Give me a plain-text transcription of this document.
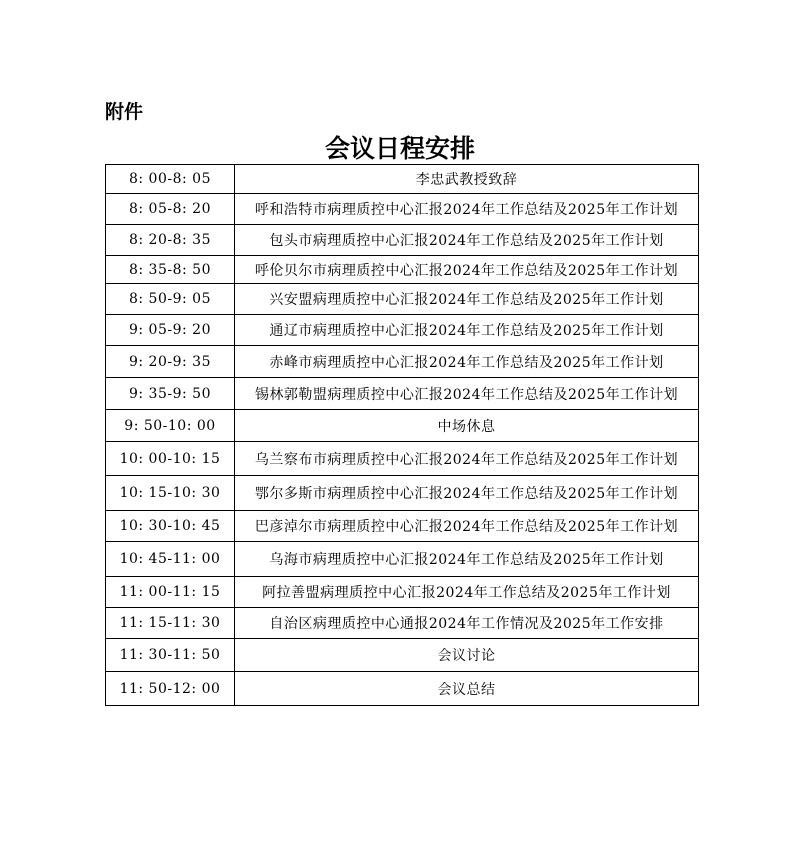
附件

会议日程安排
8: 00-8: 05	李忠武教授致辞
8: 05-8: 20	呼和浩特市病理质控中心汇报2024年工作总结及2025年工作计划
8: 20-8: 35	包头市病理质控中心汇报2024年工作总结及2025年工作计划
8: 35-8: 50	呼伦贝尔市病理质控中心汇报2024年工作总结及2025年工作计划
8: 50-9: 05	兴安盟病理质控中心汇报2024年工作总结及2025年工作计划
9: 05-9: 20	通辽市病理质控中心汇报2024年工作总结及2025年工作计划
9: 20-9: 35	赤峰市病理质控中心汇报2024年工作总结及2025年工作计划
9: 35-9: 50	锡林郭勒盟病理质控中心汇报2024年工作总结及2025年工作计划
9: 50-10: 00	中场休息
10: 00-10: 15	乌兰察布市病理质控中心汇报2024年工作总结及2025年工作计划
10: 15-10: 30	鄂尔多斯市病理质控中心汇报2024年工作总结及2025年工作计划
10: 30-10: 45	巴彦淖尔市病理质控中心汇报2024年工作总结及2025年工作计划
10: 45-11: 00	乌海市病理质控中心汇报2024年工作总结及2025年工作计划
11: 00-11: 15	阿拉善盟病理质控中心汇报2024年工作总结及2025年工作计划
11: 15-11: 30	自治区病理质控中心通报2024年工作情况及2025年工作安排
11: 30-11: 50	会议讨论
11: 50-12: 00	会议总结
